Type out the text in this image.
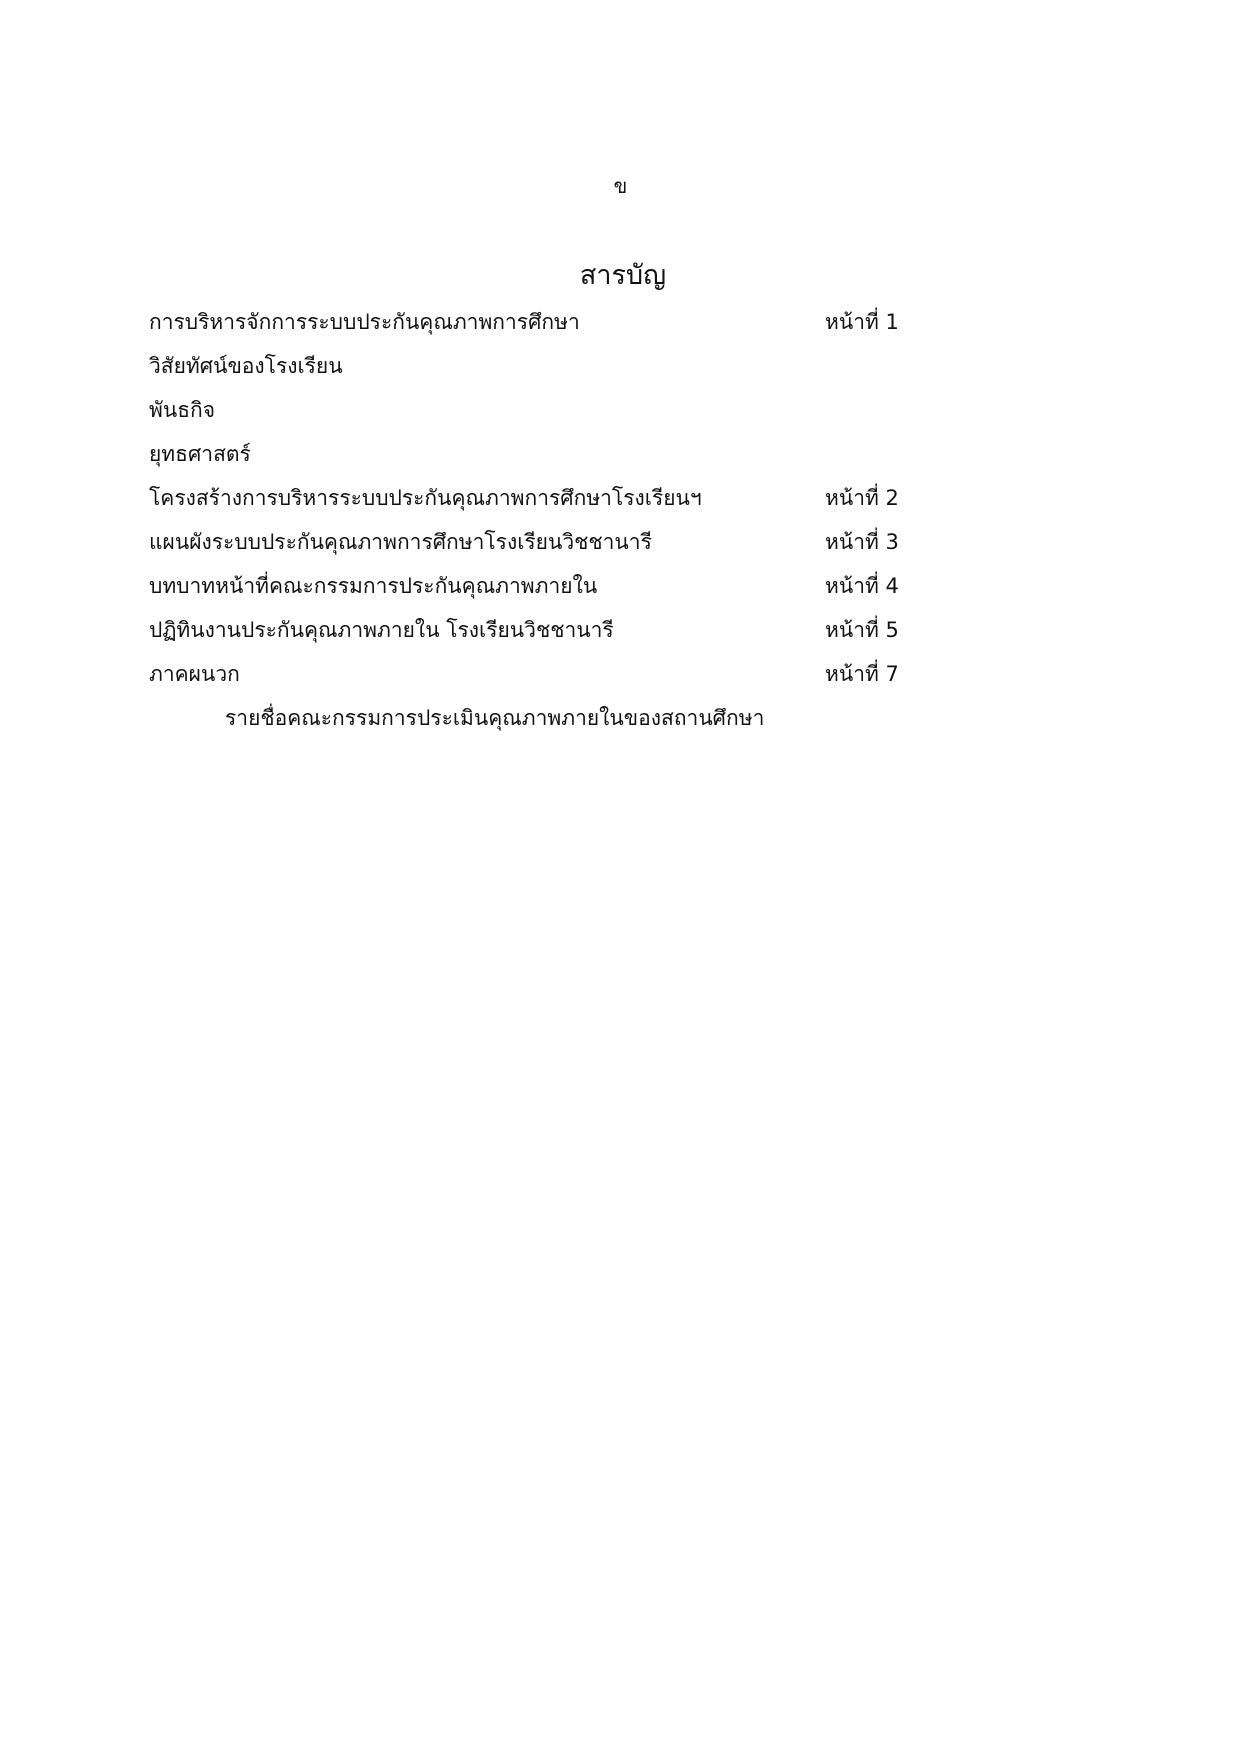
ข
สารบัญ
การบริหารจักการระบบประกันคุณภาพการศึกษา	หน้าที่ 1
วิสัยทัศน์ของโรงเรียน
พันธกิจ
ยุทธศาสตร์
โครงสร้างการบริหารระบบประกันคุณภาพการศึกษาโรงเรียนฯ	หน้าที่ 2
แผนผังระบบประกันคุณภาพการศึกษาโรงเรียนวิชชานารี	หน้าที่ 3
บทบาทหน้าที่คณะกรรมการประกันคุณภาพภายใน	หน้าที่ 4
ปฏิทินงานประกันคุณภาพภายใน โรงเรียนวิชชานารี	หน้าที่ 5
ภาคผนวก	หน้าที่ 7
รายชื่อคณะกรรมการประเมินคุณภาพภายในของสถานศึกษา
